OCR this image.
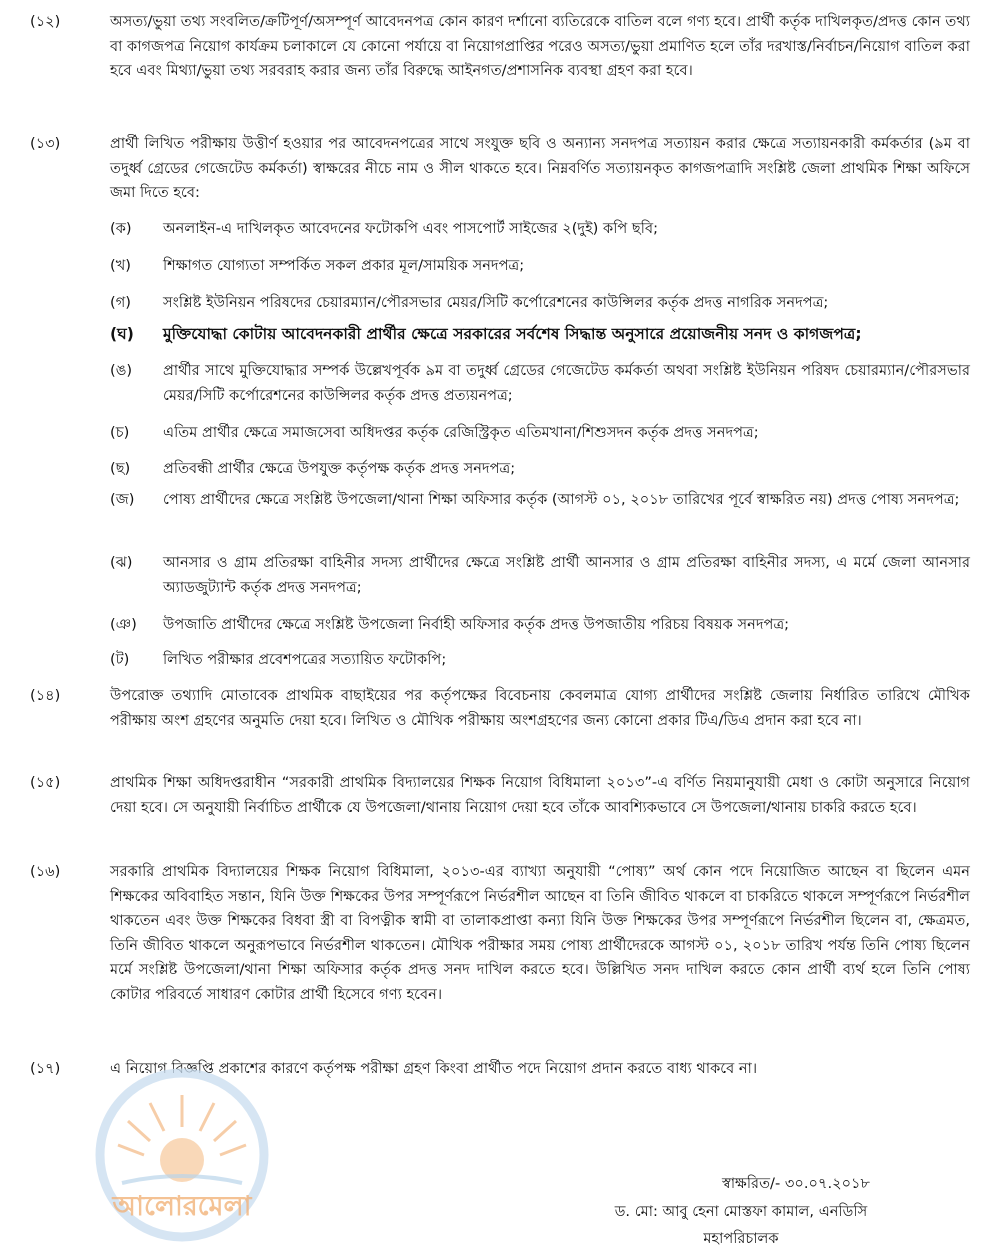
(১২)	অসত্য/ভুয়া তথ্য সংবলিত/ক্রটিপূর্ণ/অসম্পূর্ণ আবেদনপত্র কোন কারণ দর্শানো ব্যতিরেকে বাতিল বলে গণ্য হবে। প্রার্থী কর্তৃক দাখিলকৃত/প্রদত্ত কোন তথ্য বা কাগজপত্র নিয়োগ কার্যক্রম চলাকালে যে কোনো পর্যায়ে বা নিয়োগপ্রাপ্তির পরেও অসত্য/ভুয়া প্রমাণিত হলে তাঁর দরখাস্ত/নির্বাচন/নিয়োগ বাতিল করা হবে এবং মিথ্যা/ভুয়া তথ্য সরবরাহ করার জন্য তাঁর বিরুদ্ধে আইনগত/প্রশাসনিক ব্যবস্থা গ্রহণ করা হবে।
(১৩)	প্রার্থী লিখিত পরীক্ষায় উত্তীর্ণ হওয়ার পর আবেদনপত্রের সাথে সংযুক্ত ছবি ও অন্যান্য সনদপত্র সত্যায়ন করার ক্ষেত্রে সত্যায়নকারী কর্মকর্তার (৯ম বা তদুর্ধ্ব গ্রেডের গেজেটেড কর্মকর্তা) স্বাক্ষরের নীচে নাম ও সীল থাকতে হবে। নিম্নবর্ণিত সত্যায়নকৃত কাগজপত্রাদি সংশ্লিষ্ট জেলা প্রাথমিক শিক্ষা অফিসে জমা দিতে হবে:
(ক)	অনলাইন-এ দাখিলকৃত আবেদনের ফটোকপি এবং পাসপোর্ট সাইজের ২(দুই) কপি ছবি;
(খ)	শিক্ষাগত যোগ্যতা সম্পর্কিত সকল প্রকার মূল/সাময়িক সনদপত্র;
(গ)	সংশ্লিষ্ট ইউনিয়ন পরিষদের চেয়ারম্যান/পৌরসভার মেয়র/সিটি কর্পোরেশনের কাউন্সিলর কর্তৃক প্রদত্ত নাগরিক সনদপত্র;
(ঘ)	মুক্তিযোদ্ধা কোটায় আবেদনকারী প্রার্থীর ক্ষেত্রে সরকারের সর্বশেষ সিদ্ধান্ত অনুসারে প্রয়োজনীয় সনদ ও কাগজপত্র;
(ঙ)	প্রার্থীর সাথে মুক্তিযোদ্ধার সম্পর্ক উল্লেখপূর্বক ৯ম বা তদুর্ধ্ব গ্রেডের গেজেটেড কর্মকর্তা অথবা সংশ্লিষ্ট ইউনিয়ন পরিষদ চেয়ারম্যান/পৌরসভার মেয়র/সিটি কর্পোরেশনের কাউন্সিলর কর্তৃক প্রদত্ত প্রত্যয়নপত্র;
(চ)	এতিম প্রার্থীর ক্ষেত্রে সমাজসেবা অধিদপ্তর কর্তৃক রেজিস্ট্রিকৃত এতিমখানা/শিশুসদন কর্তৃক প্রদত্ত সনদপত্র;
(ছ)	প্রতিবন্ধী প্রার্থীর ক্ষেত্রে উপযুক্ত কর্তৃপক্ষ কর্তৃক প্রদত্ত সনদপত্র;
(জ)	পোষ্য প্রার্থীদের ক্ষেত্রে সংশ্লিষ্ট উপজেলা/থানা শিক্ষা অফিসার কর্তৃক (আগস্ট ০১, ২০১৮ তারিখের পূর্বে স্বাক্ষরিত নয়) প্রদত্ত পোষ্য সনদপত্র;
(ঝ)	আনসার ও গ্রাম প্রতিরক্ষা বাহিনীর সদস্য প্রার্থীদের ক্ষেত্রে সংশ্লিষ্ট প্রার্থী আনসার ও গ্রাম প্রতিরক্ষা বাহিনীর সদস্য, এ মর্মে জেলা আনসার অ্যাডজুট্যান্ট কর্তৃক প্রদত্ত সনদপত্র;
(ঞ)	উপজাতি প্রার্থীদের ক্ষেত্রে সংশ্লিষ্ট উপজেলা নির্বাহী অফিসার কর্তৃক প্রদত্ত উপজাতীয় পরিচয় বিষয়ক সনদপত্র;
(ট)	লিখিত পরীক্ষার প্রবেশপত্রের সত্যায়িত ফটোকপি;
(১৪)	উপরোক্ত তথ্যাদি মোতাবেক প্রাথমিক বাছাইয়ের পর কর্তৃপক্ষের বিবেচনায় কেবলমাত্র যোগ্য প্রার্থীদের সংশ্লিষ্ট জেলায় নির্ধারিত তারিখে মৌখিক পরীক্ষায় অংশ গ্রহণের অনুমতি দেয়া হবে। লিখিত ও মৌখিক পরীক্ষায় অংশগ্রহণের জন্য কোনো প্রকার টিএ/ডিএ প্রদান করা হবে না।
(১৫)	প্রাথমিক শিক্ষা অধিদপ্তরাধীন “সরকারী প্রাথমিক বিদ্যালয়ের শিক্ষক নিয়োগ বিধিমালা ২০১৩”-এ বর্ণিত নিয়মানুযায়ী মেধা ও কোটা অনুসারে নিয়োগ দেয়া হবে। সে অনুযায়ী নির্বাচিত প্রার্থীকে যে উপজেলা/থানায় নিয়োগ দেয়া হবে তাঁকে আবশ্যিকভাবে সে উপজেলা/থানায় চাকরি করতে হবে।
(১৬)	সরকারি প্রাথমিক বিদ্যালয়ের শিক্ষক নিয়োগ বিধিমালা, ২০১৩-এর ব্যাখ্যা অনুযায়ী “পোষ্য” অর্থ কোন পদে নিয়োজিত আছেন বা ছিলেন এমন শিক্ষকের অবিবাহিত সন্তান, যিনি উক্ত শিক্ষকের উপর সম্পূর্ণরূপে নির্ভরশীল আছেন বা তিনি জীবিত থাকলে বা চাকরিতে থাকলে সম্পূর্ণরূপে নির্ভরশীল থাকতেন এবং উক্ত শিক্ষকের বিধবা স্ত্রী বা বিপত্নীক স্বামী বা তালাকপ্রাপ্তা কন্যা যিনি উক্ত শিক্ষকের উপর সম্পূর্ণরূপে নির্ভরশীল ছিলেন বা, ক্ষেত্রমত, তিনি জীবিত থাকলে অনুরূপভাবে নির্ভরশীল থাকতেন। মৌখিক পরীক্ষার সময় পোষ্য প্রার্থীদেরকে আগস্ট ০১, ২০১৮ তারিখ পর্যন্ত তিনি পোষ্য ছিলেন মর্মে সংশ্লিষ্ট উপজেলা/থানা শিক্ষা অফিসার কর্তৃক প্রদত্ত সনদ দাখিল করতে হবে। উল্লিখিত সনদ দাখিল করতে কোন প্রার্থী ব্যর্থ হলে তিনি পোষ্য কোটার পরিবর্তে সাধারণ কোটার প্রার্থী হিসেবে গণ্য হবেন।
(১৭)	এ নিয়োগ বিজ্ঞপ্তি প্রকাশের কারণে কর্তৃপক্ষ পরীক্ষা গ্রহণ কিংবা প্রার্থীত পদে নিয়োগ প্রদান করতে বাধ্য থাকবে না।
আলোরমেলা
স্বাক্ষরিত/- ৩০.০৭.২০১৮
ড. মো: আবু হেনা মোস্তফা কামাল, এনডিসি
মহাপরিচালক
